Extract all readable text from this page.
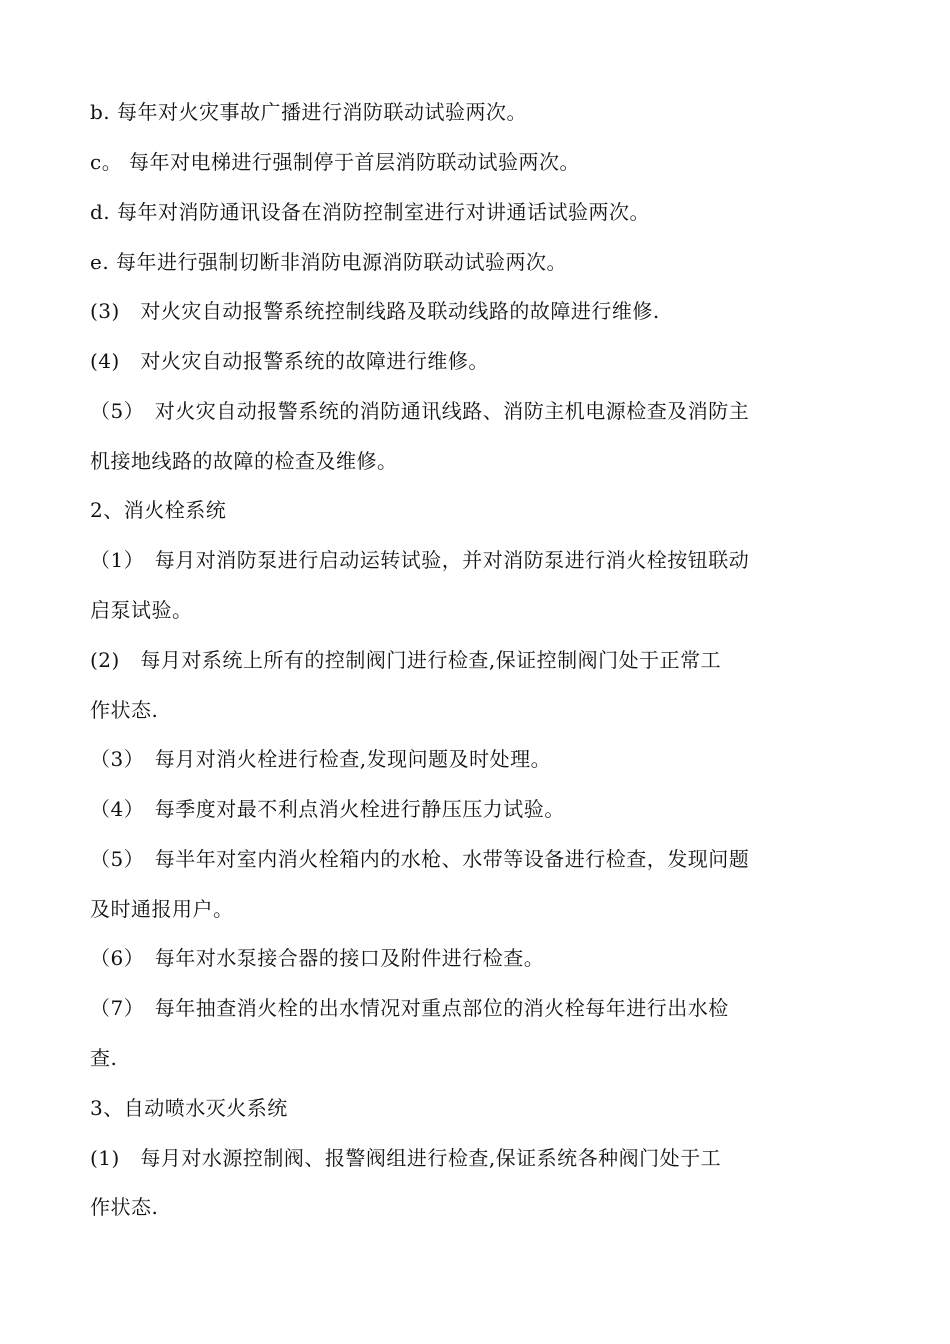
b. 每年对火灾事故广播进行消防联动试验两次。
c。 每年对电梯进行强制停于首层消防联动试验两次。
d. 每年对消防通讯设备在消防控制室进行对讲通话试验两次。
e. 每年进行强制切断非消防电源消防联动试验两次。
(3)　对火灾自动报警系统控制线路及联动线路的故障进行维修.
(4)　对火灾自动报警系统的故障进行维修。
（5）　对火灾自动报警系统的消防通讯线路、消防主机电源检查及消防主
机接地线路的故障的检查及维修。
2、消火栓系统
（1）　每月对消防泵进行启动运转试验，并对消防泵进行消火栓按钮联动
启泵试验。
(2)　每月对系统上所有的控制阀门进行检查,保证控制阀门处于正常工
作状态.
（3）　每月对消火栓进行检查,发现问题及时处理。
（4）　每季度对最不利点消火栓进行静压压力试验。
（5）　每半年对室内消火栓箱内的水枪、水带等设备进行检查，发现问题
及时通报用户。
（6）　每年对水泵接合器的接口及附件进行检查。
（7）　每年抽查消火栓的出水情况对重点部位的消火栓每年进行出水检
查.
3、自动喷水灭火系统
(1)　每月对水源控制阀、报警阀组进行检查,保证系统各种阀门处于工
作状态.
